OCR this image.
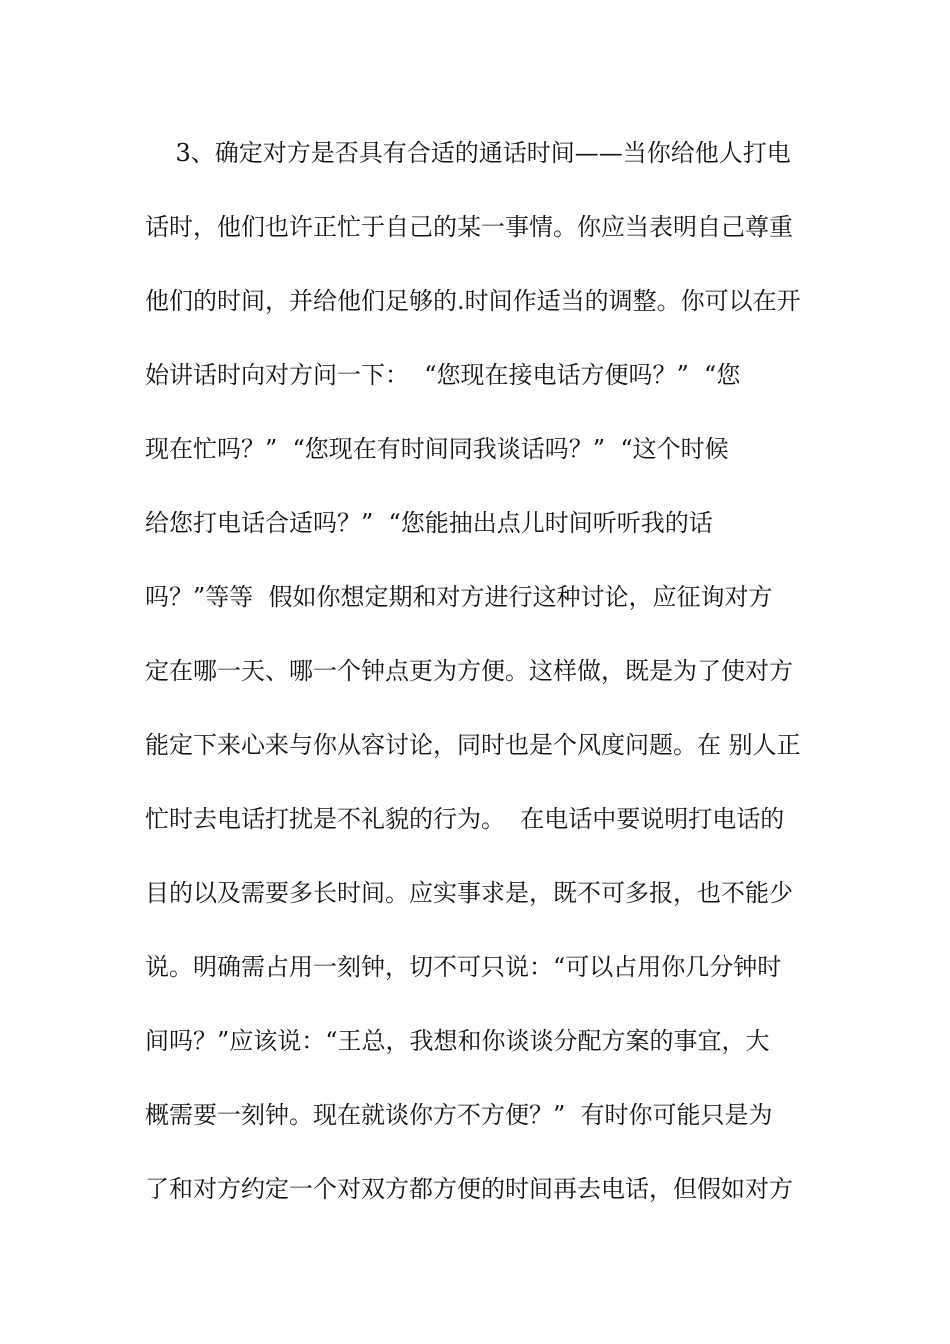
3、确定对方是否具有合适的通话时间——当你给他人打电
话时，他们也许正忙于自己的某一事情。你应当表明自己尊重
他们的时间，并给他们足够的.时间作适当的调整。你可以在开
始讲话时向对方问一下：  “您现在接电话方便吗？”  “您
现在忙吗？”  “您现在有时间同我谈话吗？”  “这个时候
给您打电话合适吗？”  “您能抽出点儿时间听听我的话
吗？”等等  假如你想定期和对方进行这种讨论，应征询对方
定在哪一天、哪一个钟点更为方便。这样做，既是为了使对方
能定下来心来与你从容讨论，同时也是个风度问题。在 别人正
忙时去电话打扰是不礼貌的行为。  在电话中要说明打电话的
目的以及需要多长时间。应实事求是，既不可多报，也不能少
说。明确需占用一刻钟，切不可只说：“可以占用你几分钟时
间吗？”应该说：“王总，我想和你谈谈分配方案的事宜，大
概需要一刻钟。现在就谈你方不方便？”  有时你可能只是为
了和对方约定一个对双方都方便的时间再去电话，但假如对方
